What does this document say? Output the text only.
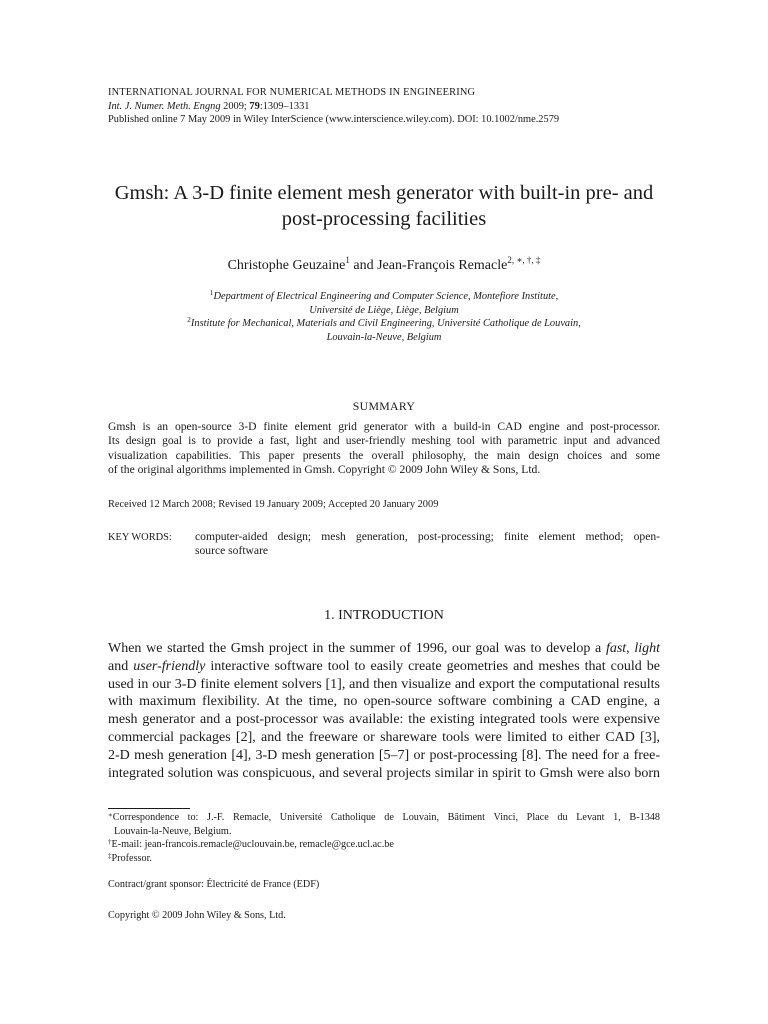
INTERNATIONAL JOURNAL FOR NUMERICAL METHODS IN ENGINEERING
Int. J. Numer. Meth. Engng 2009; 79:1309–1331
Published online 7 May 2009 in Wiley InterScience (www.interscience.wiley.com). DOI: 10.1002/nme.2579
Gmsh: A 3-D finite element mesh generator with built-in pre- and
post-processing facilities
Christophe Geuzaine$^1$ and Jean-François Remacle$^{2, ∗, \dagger, \ddagger}$
$^1$Department of Electrical Engineering and Computer Science, Montefiore Institute,
Université de Liège, Liège, Belgium
$^2$Institute for Mechanical, Materials and Civil Engineering, Université Catholique de Louvain,
Louvain-la-Neuve, Belgium
SUMMARY
Gmsh is an open-source 3-D finite element grid generator with a build-in CAD engine and post-processor.
Its design goal is to provide a fast, light and user-friendly meshing tool with parametric input and advanced
visualization capabilities. This paper presents the overall philosophy, the main design choices and some
of the original algorithms implemented in Gmsh. Copyright © 2009 John Wiley & Sons, Ltd.
Received 12 March 2008; Revised 19 January 2009; Accepted 20 January 2009
KEY WORDS: computer-aided design; mesh generation, post-processing; finite element method; open-
source software
1. INTRODUCTION
When we started the Gmsh project in the summer of 1996, our goal was to develop a fast, light
and user-friendly interactive software tool to easily create geometries and meshes that could be
used in our 3-D finite element solvers [1], and then visualize and export the computational results
with maximum flexibility. At the time, no open-source software combining a CAD engine, a
mesh generator and a post-processor was available: the existing integrated tools were expensive
commercial packages [2], and the freeware or shareware tools were limited to either CAD [3],
2-D mesh generation [4], 3-D mesh generation [5–7] or post-processing [8]. The need for a free-
integrated solution was conspicuous, and several projects similar in spirit to Gmsh were also born
∗Correspondence to: J.-F. Remacle, Université Catholique de Louvain, Bâtiment Vinci, Place du Levant 1, B-1348
Louvain-la-Neuve, Belgium.
†E-mail: jean-francois.remacle@uclouvain.be, remacle@gce.ucl.ac.be
‡Professor.
Contract/grant sponsor: Électricité de France (EDF)
Copyright © 2009 John Wiley & Sons, Ltd.
